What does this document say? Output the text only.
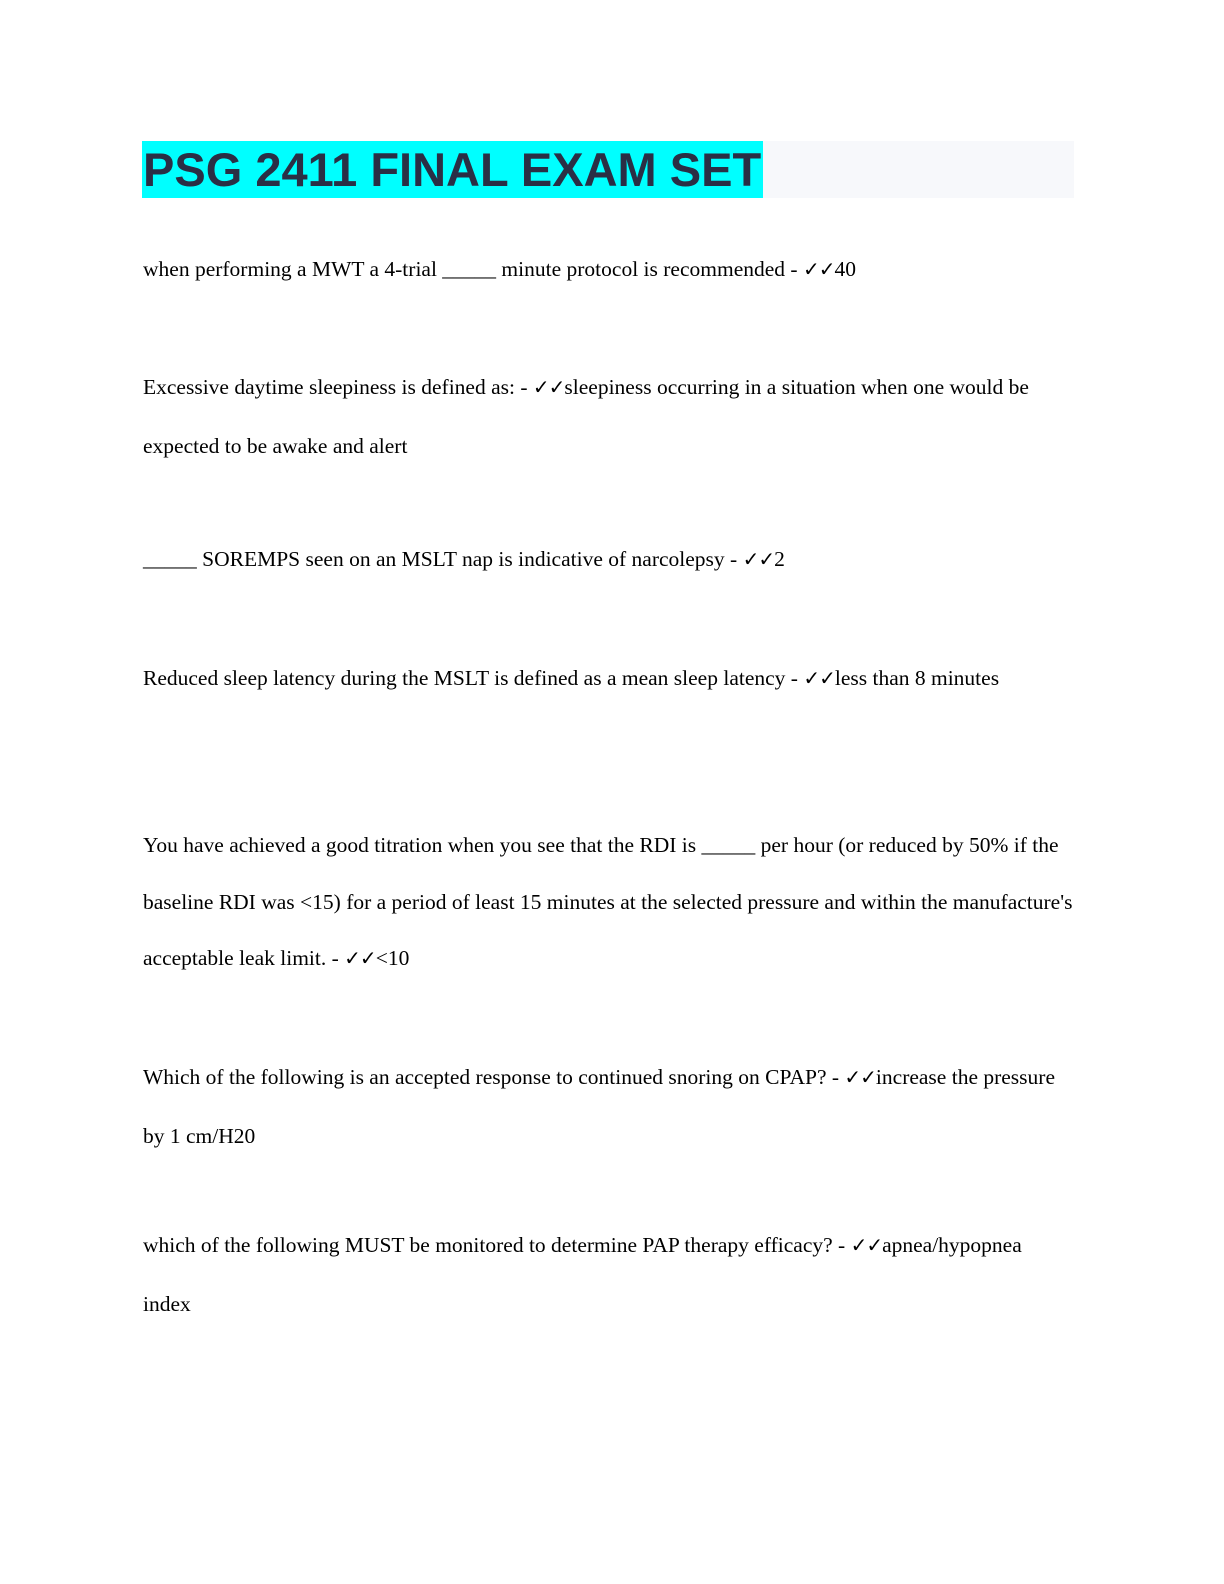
PSG 2411 FINAL EXAM SET

when performing a MWT a 4-trial _____ minute protocol is recommended - ✓✓40

Excessive daytime sleepiness is defined as: - ✓✓sleepiness occurring in a situation when one would be expected to be awake and alert

_____ SOREMPS seen on an MSLT nap is indicative of narcolepsy - ✓✓2

Reduced sleep latency during the MSLT is defined as a mean sleep latency - ✓✓less than 8 minutes

You have achieved a good titration when you see that the RDI is _____ per hour (or reduced by 50% if the baseline RDI was <15) for a period of least 15 minutes at the selected pressure and within the manufacture's acceptable leak limit. - ✓✓<10

Which of the following is an accepted response to continued snoring on CPAP? - ✓✓increase the pressure by 1 cm/H20

which of the following MUST be monitored to determine PAP therapy efficacy? - ✓✓apnea/hypopnea index
